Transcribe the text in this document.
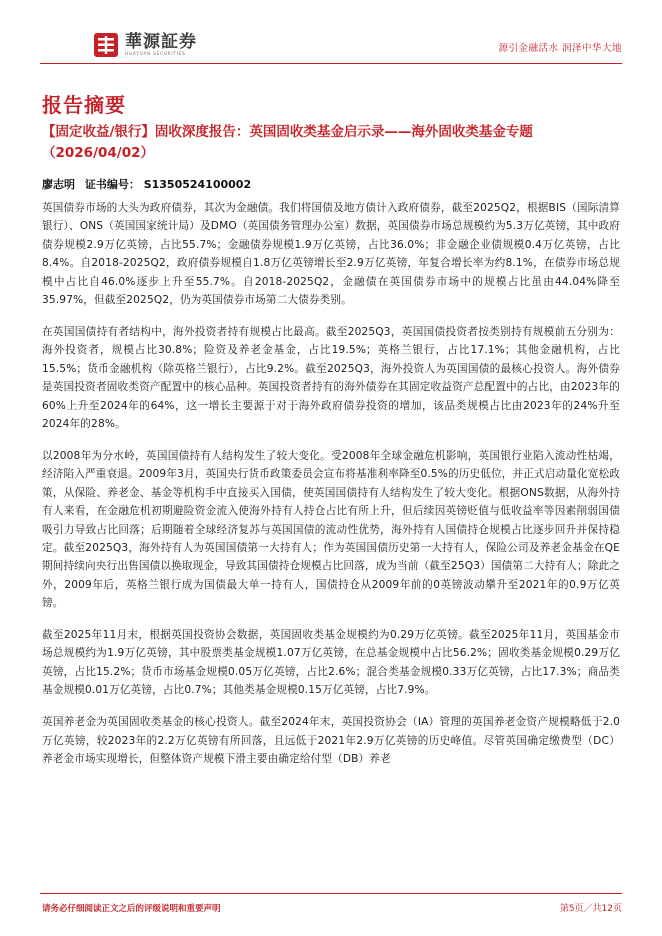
華源証券
HUAYUAN SECURITIES
源引金融活水 润泽中华大地
报告摘要
【固定收益/银行】固收深度报告：英国固收类基金启示录——海外固收类基金专题（2026/04/02）
廖志明 证书编号： S1350524100002

英国债券市场的大头为政府债券，其次为金融债。我们将国债及地方债计入政府债券，截至2025Q2，根据BIS（国际清算银行）、ONS（英国国家统计局）及DMO（英国债务管理办公室）数据，英国债券市场总规模约为5.3万亿英镑，其中政府债券规模2.9万亿英镑，占比55.7%；金融债券规模1.9万亿英镑，占比36.0%；非金融企业债规模0.4万亿英镑，占比8.4%。自2018-2025Q2，政府债券规模自1.8万亿英镑增长至2.9万亿英镑，年复合增长率为约8.1%，在债券市场总规模中占比自46.0%逐步上升至55.7%。自2018-2025Q2，金融债在英国债券市场中的规模占比虽由44.04%降至35.97%，但截至2025Q2，仍为英国债券市场第二大债券类别。

在英国国债持有者结构中，海外投资者持有规模占比最高。截至2025Q3，英国国债投资者按类别持有规模前五分别为：海外投资者，规模占比30.8%；险资及养老金基金，占比19.5%；英格兰银行，占比17.1%；其他金融机构，占比15.5%；货币金融机构（除英格兰银行），占比9.2%。截至2025Q3，海外投资人为英国国债的最核心投资人。海外债券是英国投资者固收类资产配置中的核心品种。英国投资者持有的海外债券在其固定收益资产总配置中的占比，由2023年的60%上升至2024年的64%，这一增长主要源于对于海外政府债券投资的增加，该品类规模占比由2023年的24%升至2024年的28%。

以2008年为分水岭，英国国债持有人结构发生了较大变化。受2008年全球金融危机影响，英国银行业陷入流动性枯竭，经济陷入严重衰退。2009年3月，英国央行货币政策委员会宣布将基准利率降至0.5%的历史低位，并正式启动量化宽松政策，从保险、养老金、基金等机构手中直接买入国债，使英国国债持有人结构发生了较大变化。根据ONS数据，从海外持有人来看，在金融危机初期避险资金流入使海外持有人持仓占比有所上升，但后续因英镑贬值与低收益率等因素削弱国债吸引力导致占比回落；后期随着全球经济复苏与英国国债的流动性优势，海外持有人国债持仓规模占比逐步回升并保持稳定。截至2025Q3，海外持有人为英国国债第一大持有人；作为英国国债历史第一大持有人，保险公司及养老金基金在QE期间持续向央行出售国债以换取现金，导致其国债持仓规模占比回落，成为当前（截至25Q3）国债第二大持有人；除此之外，2009年后，英格兰银行成为国债最大单一持有人，国债持仓从2009年前的0英镑波动攀升至2021年的0.9万亿英镑。

截至2025年11月末，根据英国投资协会数据，英国固收类基金规模约为0.29万亿英镑。截至2025年11月，英国基金市场总规模约为1.9万亿英镑，其中股票类基金规模1.07万亿英镑，在总基金规模中占比56.2%；固收类基金规模0.29万亿英镑，占比15.2%；货币市场基金规模0.05万亿英镑，占比2.6%；混合类基金规模0.33万亿英镑，占比17.3%；商品类基金规模0.01万亿英镑，占比0.7%；其他类基金规模0.15万亿英镑，占比7.9%。

英国养老金为英国固收类基金的核心投资人。截至2024年末，英国投资协会（IA）管理的英国养老金资产规模略低于2.0万亿英镑，较2023年的2.2万亿英镑有所回落，且远低于2021年2.9万亿英镑的历史峰值。尽管英国确定缴费型（DC）养老金市场实现增长，但整体资产规模下滑主要由确定给付型（DB）养老

请务必仔细阅读正文之后的评级说明和重要声明	第5页／共12页
